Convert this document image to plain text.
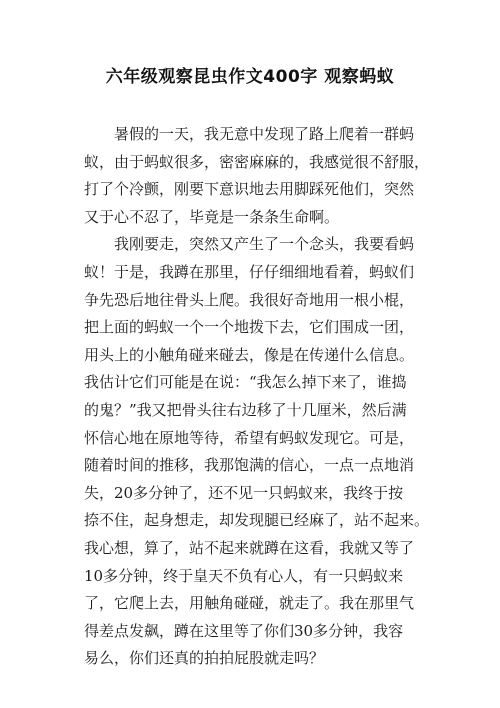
六年级观察昆虫作文400字 观察蚂蚁
　　暑假的一天，我无意中发现了路上爬着一群蚂
蚁，由于蚂蚁很多，密密麻麻的，我感觉很不舒服，
打了个冷颤，刚要下意识地去用脚踩死他们，突然
又于心不忍了，毕竟是一条条生命啊。
　　我刚要走，突然又产生了一个念头，我要看蚂
蚁！于是，我蹲在那里，仔仔细细地看着，蚂蚁们
争先恐后地往骨头上爬。我很好奇地用一根小棍，
把上面的蚂蚁一个一个地拨下去，它们围成一团，
用头上的小触角碰来碰去，像是在传递什么信息。
我估计它们可能是在说：“我怎么掉下来了，谁捣
的鬼？”我又把骨头往右边移了十几厘米，然后满
怀信心地在原地等待，希望有蚂蚁发现它。可是，
随着时间的推移，我那饱满的信心，一点一点地消
失，20多分钟了，还不见一只蚂蚁来，我终于按
捺不住，起身想走，却发现腿已经麻了，站不起来。
我心想，算了，站不起来就蹲在这看，我就又等了
10多分钟，终于皇天不负有心人，有一只蚂蚁来
了，它爬上去，用触角碰碰，就走了。我在那里气
得差点发飙，蹲在这里等了你们30多分钟，我容
易么，你们还真的拍拍屁股就走吗？
